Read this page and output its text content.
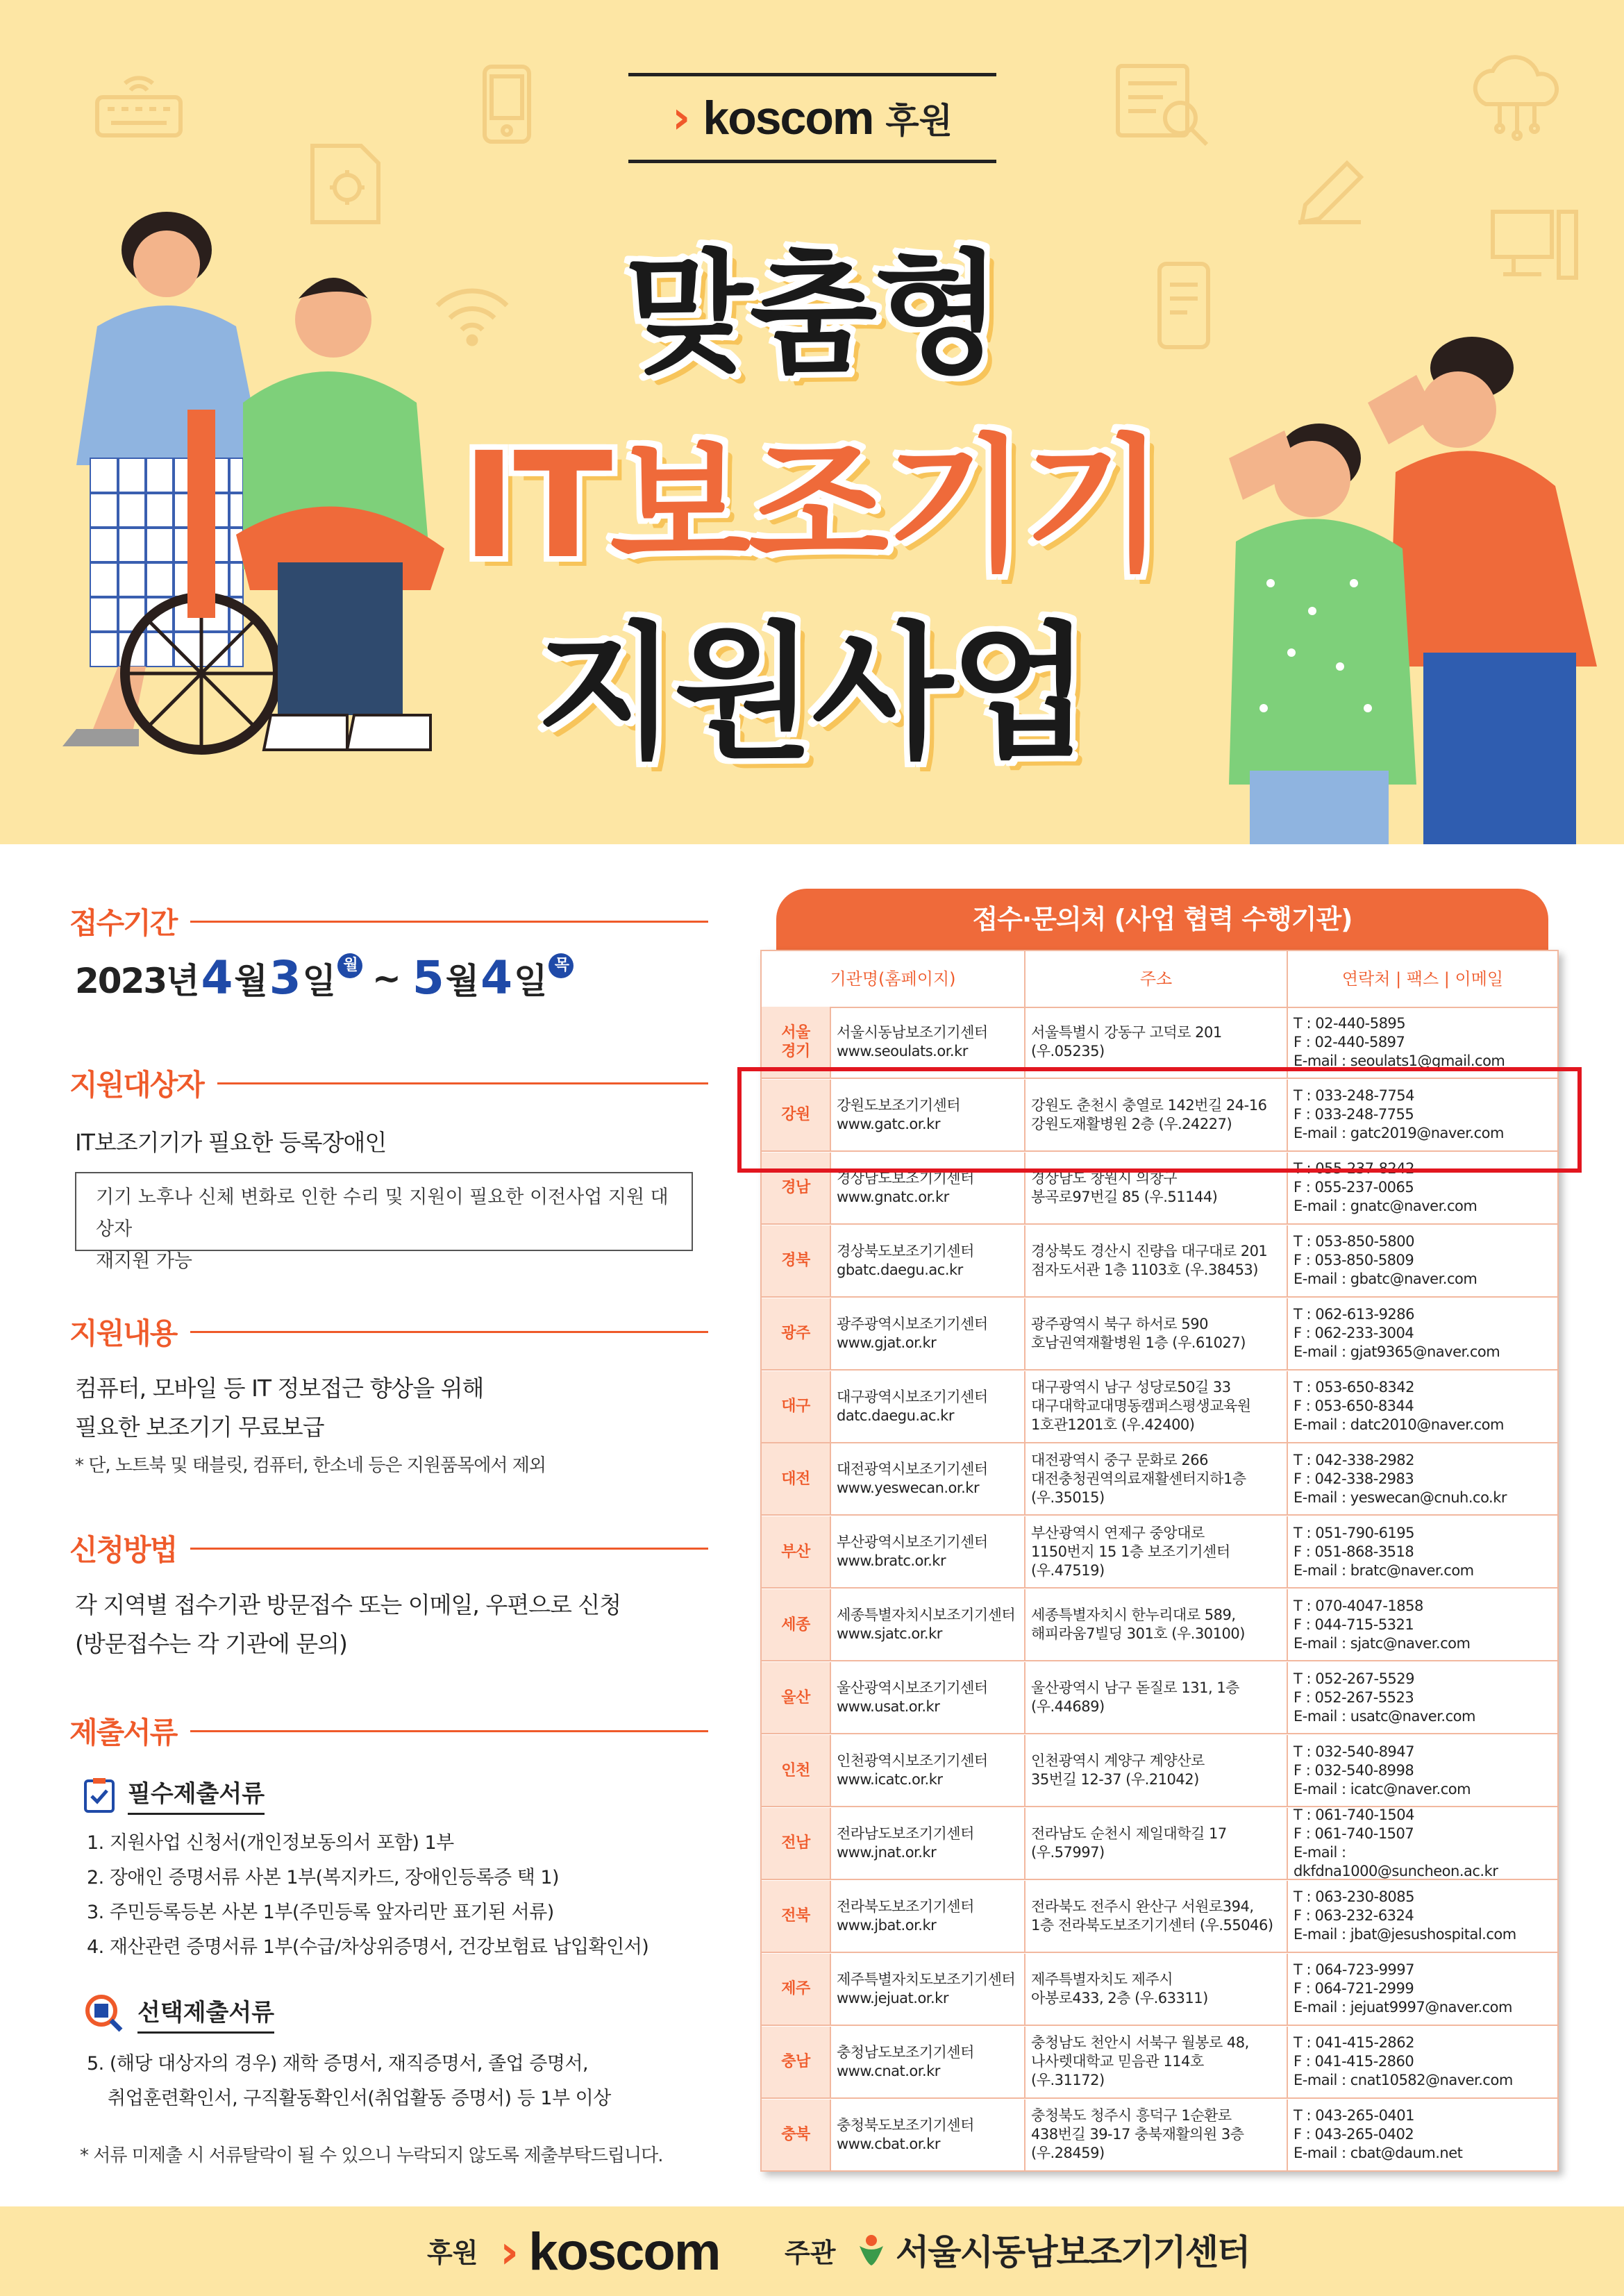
› koscom 후원
맞춤형
IT보조기기
지원사업
접수기간
2023년 4 월 3 일 월 ~ 5 월 4 일 목
지원대상자
IT보조기기가 필요한 등록장애인
기기 노후나 신체 변화로 인한 수리 및 지원이 필요한 이전사업 지원 대상자
재지원 가능
지원내용
컴퓨터, 모바일 등 IT 정보접근 향상을 위해
필요한 보조기기 무료보급
* 단, 노트북 및 태블릿, 컴퓨터, 한소네 등은 지원품목에서 제외
신청방법
각 지역별 접수기관 방문접수 또는 이메일, 우편으로 신청
(방문접수는 각 기관에 문의)
제출서류
필수제출서류
1. 지원사업 신청서(개인정보동의서 포함) 1부
2. 장애인 증명서류 사본 1부(복지카드, 장애인등록증 택 1)
3. 주민등록등본 사본 1부(주민등록 앞자리만 표기된 서류)
4. 재산관련 증명서류 1부(수급/차상위증명서, 건강보험료 납입확인서)
선택제출서류
5. (해당 대상자의 경우) 재학 증명서, 재직증명서, 졸업 증명서,
취업훈련확인서, 구직활동확인서(취업활동 증명서) 등 1부 이상
* 서류 미제출 시 서류탈락이 될 수 있으니 누락되지 않도록 제출부탁드립니다.
접수·문의처 (사업 협력 수행기관)
기관명(홈페이지)	주소	연락처 | 팩스 | 이메일
서울
경기
서울시동남보조기기센터
www.seoulats.or.kr
서울특별시 강동구 고덕로 201
(우.05235)
T : 02-440-5895
F : 02-440-5897
E-mail : seoulats1@gmail.com
강원
강원도보조기기센터
www.gatc.or.kr
강원도 춘천시 충열로 142번길 24-16
강원도재활병원 2층 (우.24227)
T : 033-248-7754
F : 033-248-7755
E-mail : gatc2019@naver.com
경남
경상남도보조기기센터
www.gnatc.or.kr
경상남도 창원시 의창구
봉곡로97번길 85 (우.51144)
T : 055-237-8242
F : 055-237-0065
E-mail : gnatc@naver.com
경북
경상북도보조기기센터
gbatc.daegu.ac.kr
경상북도 경산시 진량읍 대구대로 201
점자도서관 1층 1103호 (우.38453)
T : 053-850-5800
F : 053-850-5809
E-mail : gbatc@naver.com
광주
광주광역시보조기기센터
www.gjat.or.kr
광주광역시 북구 하서로 590
호남권역재활병원 1층 (우.61027)
T : 062-613-9286
F : 062-233-3004
E-mail : gjat9365@naver.com
대구
대구광역시보조기기센터
datc.daegu.ac.kr
대구광역시 남구 성당로50길 33
대구대학교대명동캠퍼스평생교육원
1호관1201호 (우.42400)
T : 053-650-8342
F : 053-650-8344
E-mail : datc2010@naver.com
대전
대전광역시보조기기센터
www.yeswecan.or.kr
대전광역시 중구 문화로 266
대전충청권역의료재활센터지하1층
(우.35015)
T : 042-338-2982
F : 042-338-2983
E-mail : yeswecan@cnuh.co.kr
부산
부산광역시보조기기센터
www.bratc.or.kr
부산광역시 연제구 중앙대로
1150번지 15 1층 보조기기센터
(우.47519)
T : 051-790-6195
F : 051-868-3518
E-mail : bratc@naver.com
세종
세종특별자치시보조기기센터
www.sjatc.or.kr
세종특별자치시 한누리대로 589,
해피라움7빌딩 301호 (우.30100)
T : 070-4047-1858
F : 044-715-5321
E-mail : sjatc@naver.com
울산
울산광역시보조기기센터
www.usat.or.kr
울산광역시 남구 돋질로 131, 1층
(우.44689)
T : 052-267-5529
F : 052-267-5523
E-mail : usatc@naver.com
인천
인천광역시보조기기센터
www.icatc.or.kr
인천광역시 계양구 계양산로
35번길 12-37 (우.21042)
T : 032-540-8947
F : 032-540-8998
E-mail : icatc@naver.com
전남
전라남도보조기기센터
www.jnat.or.kr
전라남도 순천시 제일대학길 17
(우.57997)
T : 061-740-1504
F : 061-740-1507
E-mail : dkfdna1000@suncheon.ac.kr
전북
전라북도보조기기센터
www.jbat.or.kr
전라북도 전주시 완산구 서원로394,
1층 전라북도보조기기센터 (우.55046)
T : 063-230-8085
F : 063-232-6324
E-mail : jbat@jesushospital.com
제주
제주특별자치도보조기기센터
www.jejuat.or.kr
제주특별자치도 제주시
아봉로433, 2층 (우.63311)
T : 064-723-9997
F : 064-721-2999
E-mail : jejuat9997@naver.com
충남
충청남도보조기기센터
www.cnat.or.kr
충청남도 천안시 서북구 월봉로 48,
나사렛대학교 믿음관 114호 (우.31172)
T : 041-415-2862
F : 041-415-2860
E-mail : cnat10582@naver.com
충북
충청북도보조기기센터
www.cbat.or.kr
충청북도 청주시 흥덕구 1순환로
438번길 39-17 충북재활의원 3층
(우.28459)
T : 043-265-0401
F : 043-265-0402
E-mail : cbat@daum.net
후원 › koscom 주관 서울시동남보조기기센터
